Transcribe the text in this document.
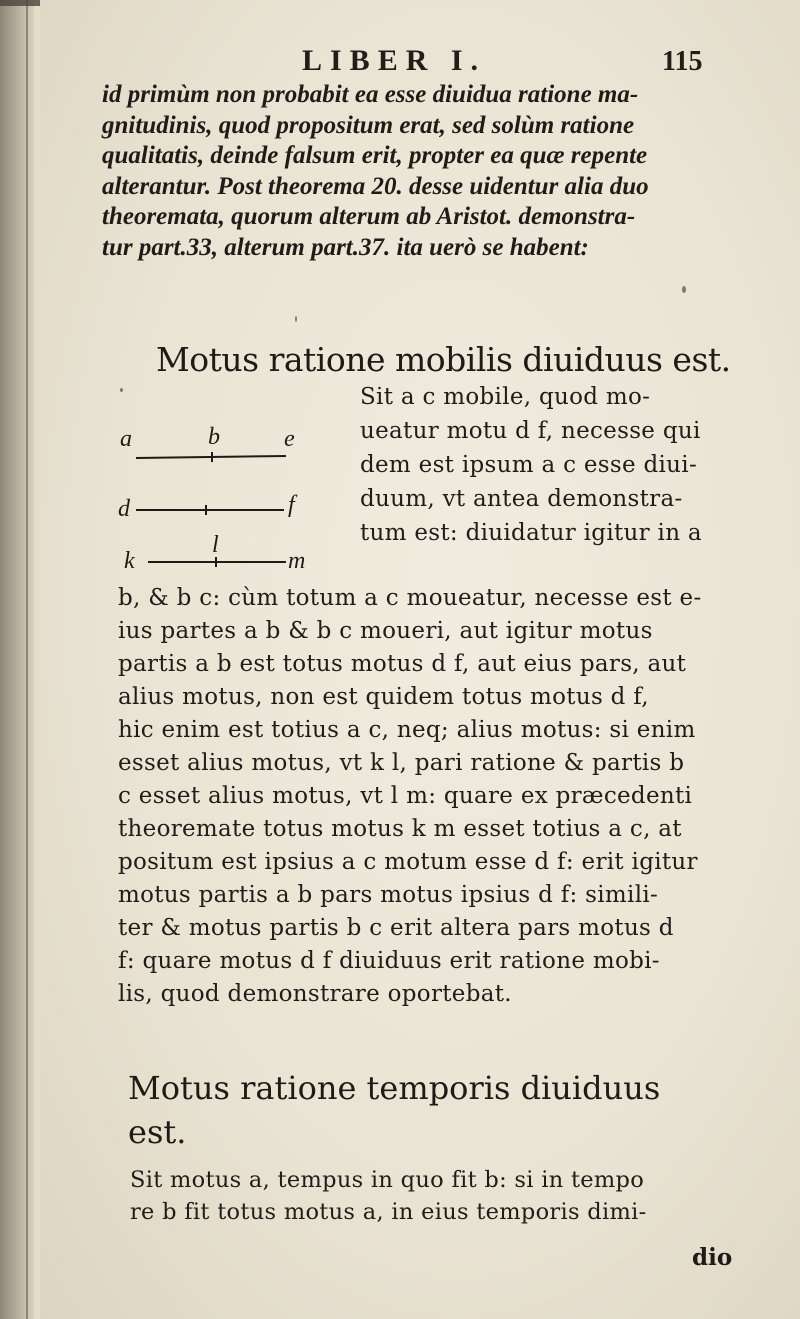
LIBER I.	115
id primùm non probabit ea esse diuidua ratione ma-
gnitudinis, quod propositum erat, sed solùm ratione
qualitatis, deinde falsum erit, propter ea quæ repente
alterantur. Post theorema 20. desse uidentur alia duo
theoremata, quorum alterum ab Aristot. demonstra-
tur part.33, alterum part.37. ita uerò se habent:
Motus ratione mobilis diuiduus est.
a	b	e
d	f
k
l
m
Sit a c mobile, quod mo-
ueatur motu d f, necesse qui
dem est ipsum a c esse diui-
duum, vt antea demonstra-
tum est: diuidatur igitur in a
b, & b c: cùm totum a c moueatur, necesse est e-
ius partes a b & b c moueri, aut igitur motus
partis a b est totus motus d f, aut eius pars, aut
alius motus, non est quidem totus motus d f,
hic enim est totius a c, neq; alius motus: si enim
esset alius motus, vt k l, pari ratione & partis b
c esset alius motus, vt l m: quare ex præcedenti
theoremate totus motus k m esset totius a c, at
positum est ipsius a c motum esse d f: erit igitur
motus partis a b pars motus ipsius d f: simili-
ter & motus partis b c erit altera pars motus d
f: quare motus d f diuiduus erit ratione mobi-
lis, quod demonstrare oportebat.
Motus ratione temporis diuiduus
est.
Sit motus a, tempus in quo fit b: si in tempo
re b fit totus motus a, in eius temporis dimi-
dio
